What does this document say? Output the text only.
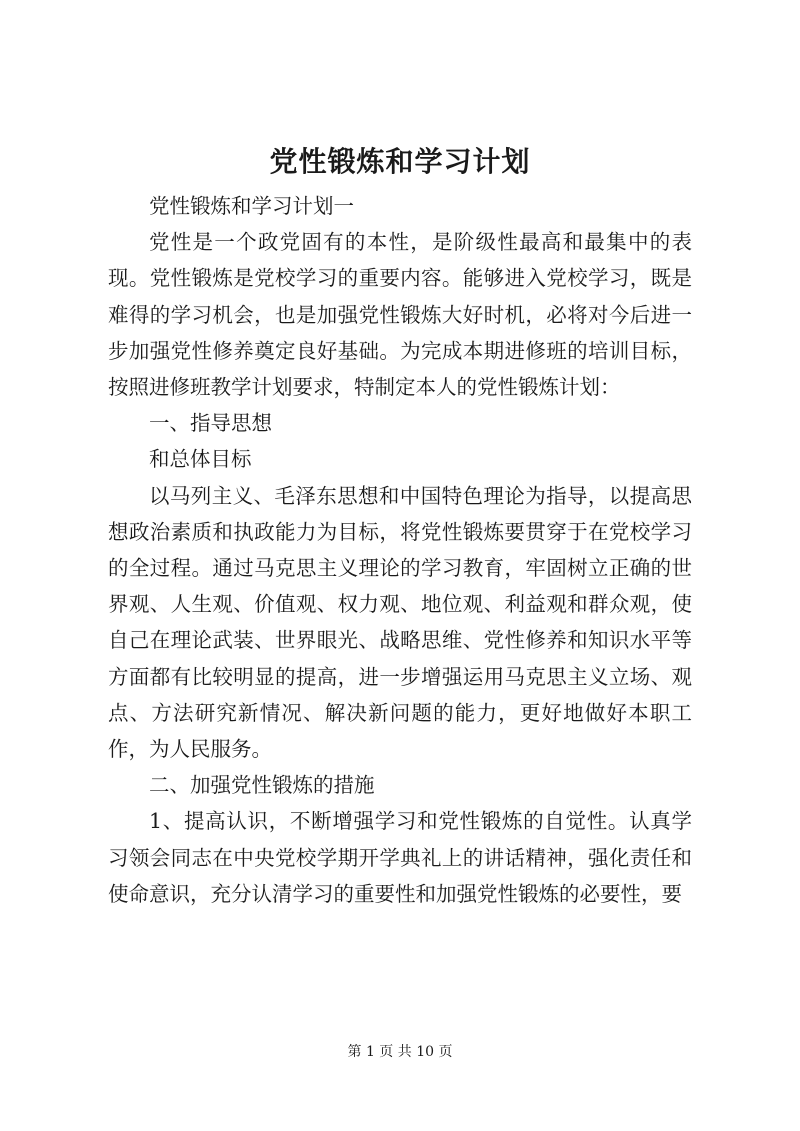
党性锻炼和学习计划

党性锻炼和学习计划一

党性是一个政党固有的本性，是阶级性最高和最集中的表现。党性锻炼是党校学习的重要内容。能够进入党校学习，既是难得的学习机会，也是加强党性锻炼大好时机，必将对今后进一步加强党性修养奠定良好基础。为完成本期进修班的培训目标，按照进修班教学计划要求，特制定本人的党性锻炼计划：

一、指导思想

和总体目标

以马列主义、毛泽东思想和中国特色理论为指导，以提高思想政治素质和执政能力为目标，将党性锻炼要贯穿于在党校学习的全过程。通过马克思主义理论的学习教育，牢固树立正确的世界观、人生观、价值观、权力观、地位观、利益观和群众观，使自己在理论武装、世界眼光、战略思维、党性修养和知识水平等方面都有比较明显的提高，进一步增强运用马克思主义立场、观点、方法研究新情况、解决新问题的能力，更好地做好本职工作，为人民服务。

二、加强党性锻炼的措施

1、提高认识，不断增强学习和党性锻炼的自觉性。认真学习领会同志在中央党校学期开学典礼上的讲话精神，强化责任和使命意识，充分认清学习的重要性和加强党性锻炼的必要性，要

第 1 页 共 10 页
